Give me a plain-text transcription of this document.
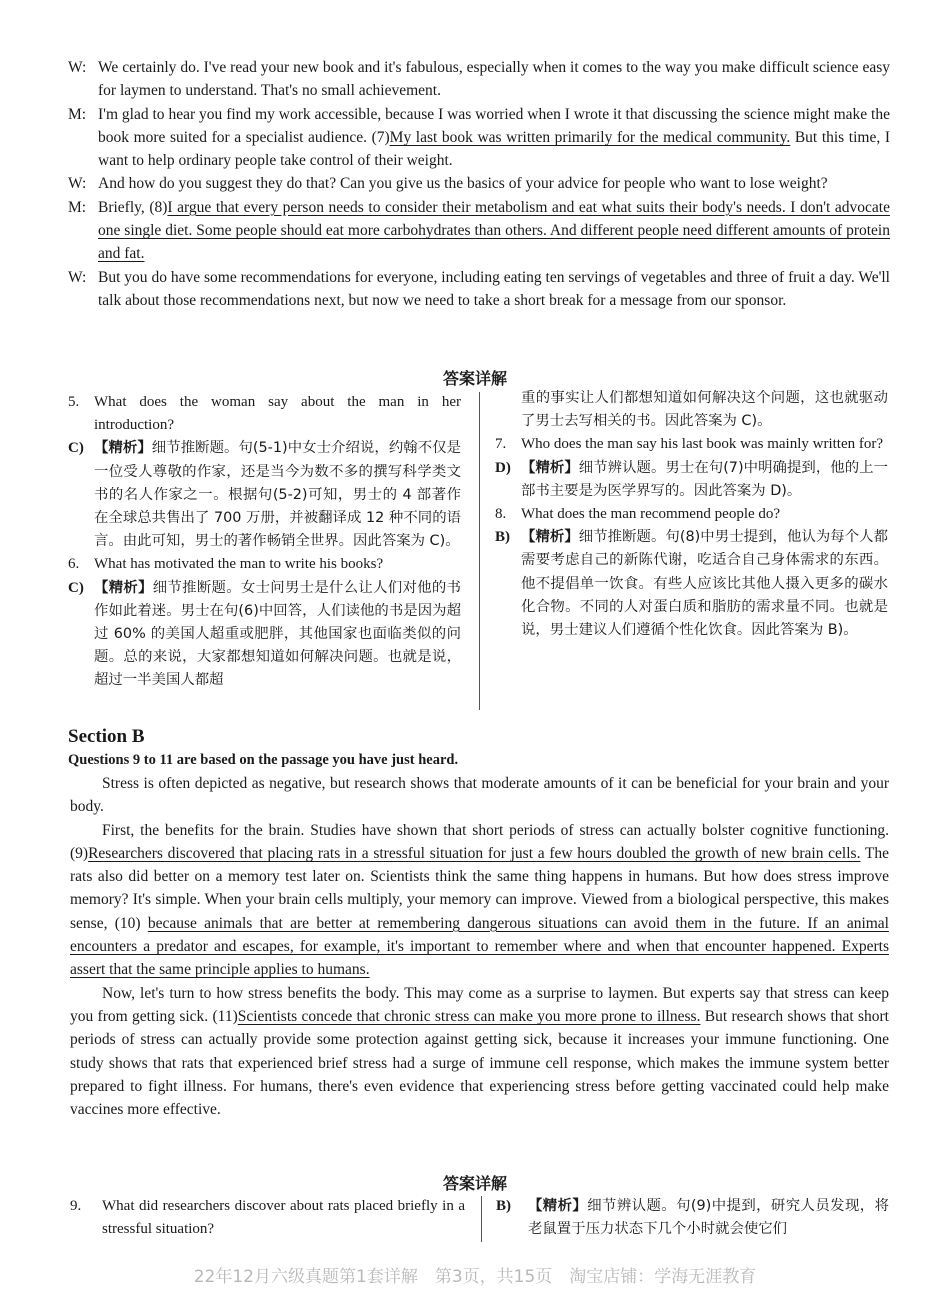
W: We certainly do. I've read your new book and it's fabulous, especially when it comes to the way you make difficult science easy for laymen to understand. That's no small achievement.
M: I'm glad to hear you find my work accessible, because I was worried when I wrote it that discussing the science might make the book more suited for a specialist audience. (7)My last book was written primarily for the medical community. But this time, I want to help ordinary people take control of their weight.
W: And how do you suggest they do that? Can you give us the basics of your advice for people who want to lose weight?
M: Briefly, (8)I argue that every person needs to consider their metabolism and eat what suits their body's needs. I don't advocate one single diet. Some people should eat more carbohydrates than others. And different people need different amounts of protein and fat.
W: But you do have some recommendations for everyone, including eating ten servings of vegetables and three of fruit a day. We'll talk about those recommendations next, but now we need to take a short break for a message from our sponsor.
答案详解
5. What does the woman say about the man in her introduction?
C) 【精析】细节推断题。句(5-1)中女士介绍说，约翰不仅是一位受人尊敬的作家，还是当今为数不多的撰写科学类文书的名人作家之一。根据句(5-2)可知，男士的 4 部著作在全球总共售出了 700 万册，并被翻译成 12 种不同的语言。由此可知，男士的著作畅销全世界。因此答案为 C)。
6. What has motivated the man to write his books?
C) 【精析】细节推断题。女士问男士是什么让人们对他的书作如此着迷。男士在句(6)中回答，人们读他的书是因为超过 60% 的美国人超重或肥胖，其他国家也面临类似的问题。总的来说，大家都想知道如何解决问题。也就是说，超过一半美国人都超
重的事实让人们都想知道如何解决这个问题，这也就驱动了男士去写相关的书。因此答案为 C)。
7. Who does the man say his last book was mainly written for?
D) 【精析】细节辨认题。男士在句(7)中明确提到，他的上一部书主要是为医学界写的。因此答案为 D)。
8. What does the man recommend people do?
B) 【精析】细节推断题。句(8)中男士提到，他认为每个人都需要考虑自己的新陈代谢，吃适合自己身体需求的东西。他不提倡单一饮食。有些人应该比其他人摄入更多的碳水化合物。不同的人对蛋白质和脂肪的需求量不同。也就是说，男士建议人们遵循个性化饮食。因此答案为 B)。
Section B
Questions 9 to 11 are based on the passage you have just heard.

Stress is often depicted as negative, but research shows that moderate amounts of it can be beneficial for your brain and your body.

First, the benefits for the brain. Studies have shown that short periods of stress can actually bolster cognitive functioning. (9)Researchers discovered that placing rats in a stressful situation for just a few hours doubled the growth of new brain cells. The rats also did better on a memory test later on. Scientists think the same thing happens in humans. But how does stress improve memory? It's simple. When your brain cells multiply, your memory can improve. Viewed from a biological perspective, this makes sense, (10) because animals that are better at remembering dangerous situations can avoid them in the future. If an animal encounters a predator and escapes, for example, it's important to remember where and when that encounter happened. Experts assert that the same principle applies to humans.

Now, let's turn to how stress benefits the body. This may come as a surprise to laymen. But experts say that stress can keep you from getting sick. (11)Scientists concede that chronic stress can make you more prone to illness. But research shows that short periods of stress can actually provide some protection against getting sick, because it increases your immune functioning. One study shows that rats that experienced brief stress had a surge of immune cell response, which makes the immune system better prepared to fight illness. For humans, there's even evidence that experiencing stress before getting vaccinated could help make vaccines more effective.

答案详解
9. What did researchers discover about rats placed briefly in a stressful situation?
B) 【精析】细节辨认题。句(9)中提到，研究人员发现，将老鼠置于压力状态下几个小时就会使它们
22年12月六级真题第1套详解　第3页，共15页　淘宝店铺：学海无涯教育
